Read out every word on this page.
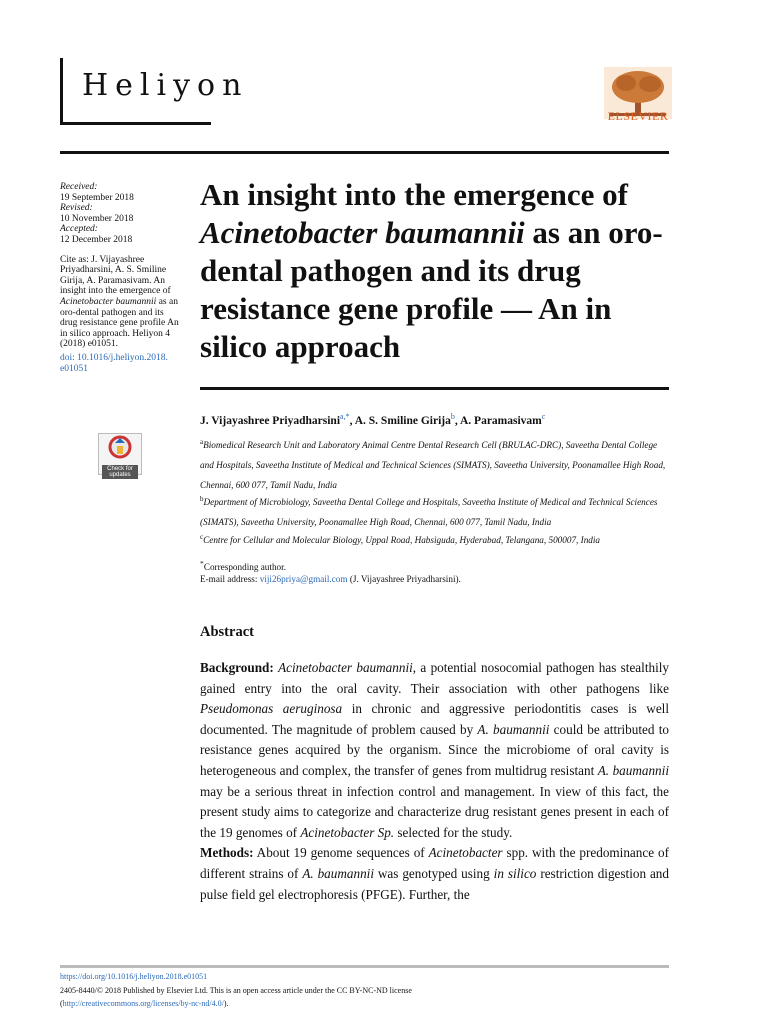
Heliyon
ELSEVIER
Received:
19 September 2018
Revised:
10 November 2018
Accepted:
12 December 2018
Cite as: J. Vijayashree Priyadharsini, A. S. Smiline Girija, A. Paramasivam. An insight into the emergence of Acinetobacter baumannii as an oro-dental pathogen and its drug resistance gene profile An in silico approach. Heliyon 4 (2018) e01051.
doi: 10.1016/j.heliyon.2018. e01051
Check for updates
An insight into the emergence of Acinetobacter baumannii as an oro-dental pathogen and its drug resistance gene profile — An in silico approach
J. Vijayashree Priyadharsini$^{a,*}$, A. S. Smiline Girija$^b$, A. Paramasivam$^c$
$^a$Biomedical Research Unit and Laboratory Animal Centre Dental Research Cell (BRULAC-DRC), Saveetha Dental College and Hospitals, Saveetha Institute of Medical and Technical Sciences (SIMATS), Saveetha University, Poonamallee High Road, Chennai, 600 077, Tamil Nadu, India
$^b$Department of Microbiology, Saveetha Dental College and Hospitals, Saveetha Institute of Medical and Technical Sciences (SIMATS), Saveetha University, Poonamallee High Road, Chennai, 600 077, Tamil Nadu, India
$^c$Centre for Cellular and Molecular Biology, Uppal Road, Habsiguda, Hyderabad, Telangana, 500007, India
*Corresponding author.
E-mail address: viji26priya@gmail.com (J. Vijayashree Priyadharsini).
Abstract

Background: Acinetobacter baumannii, a potential nosocomial pathogen has stealthily gained entry into the oral cavity. Their association with other pathogens like Pseudomonas aeruginosa in chronic and aggressive periodontitis cases is well documented. The magnitude of problem caused by A. baumannii could be attributed to resistance genes acquired by the organism. Since the microbiome of oral cavity is heterogeneous and complex, the transfer of genes from multidrug resistant A. baumannii may be a serious threat in infection control and management. In view of this fact, the present study aims to categorize and characterize drug resistant genes present in each of the 19 genomes of Acinetobacter Sp. selected for the study.

Methods: About 19 genome sequences of Acinetobacter spp. with the predominance of different strains of A. baumannii was genotyped using in silico restriction digestion and pulse field gel electrophoresis (PFGE). Further, the

https://doi.org/10.1016/j.heliyon.2018.e01051
2405-8440/© 2018 Published by Elsevier Ltd. This is an open access article under the CC BY-NC-ND license
(http://creativecommons.org/licenses/by-nc-nd/4.0/).
